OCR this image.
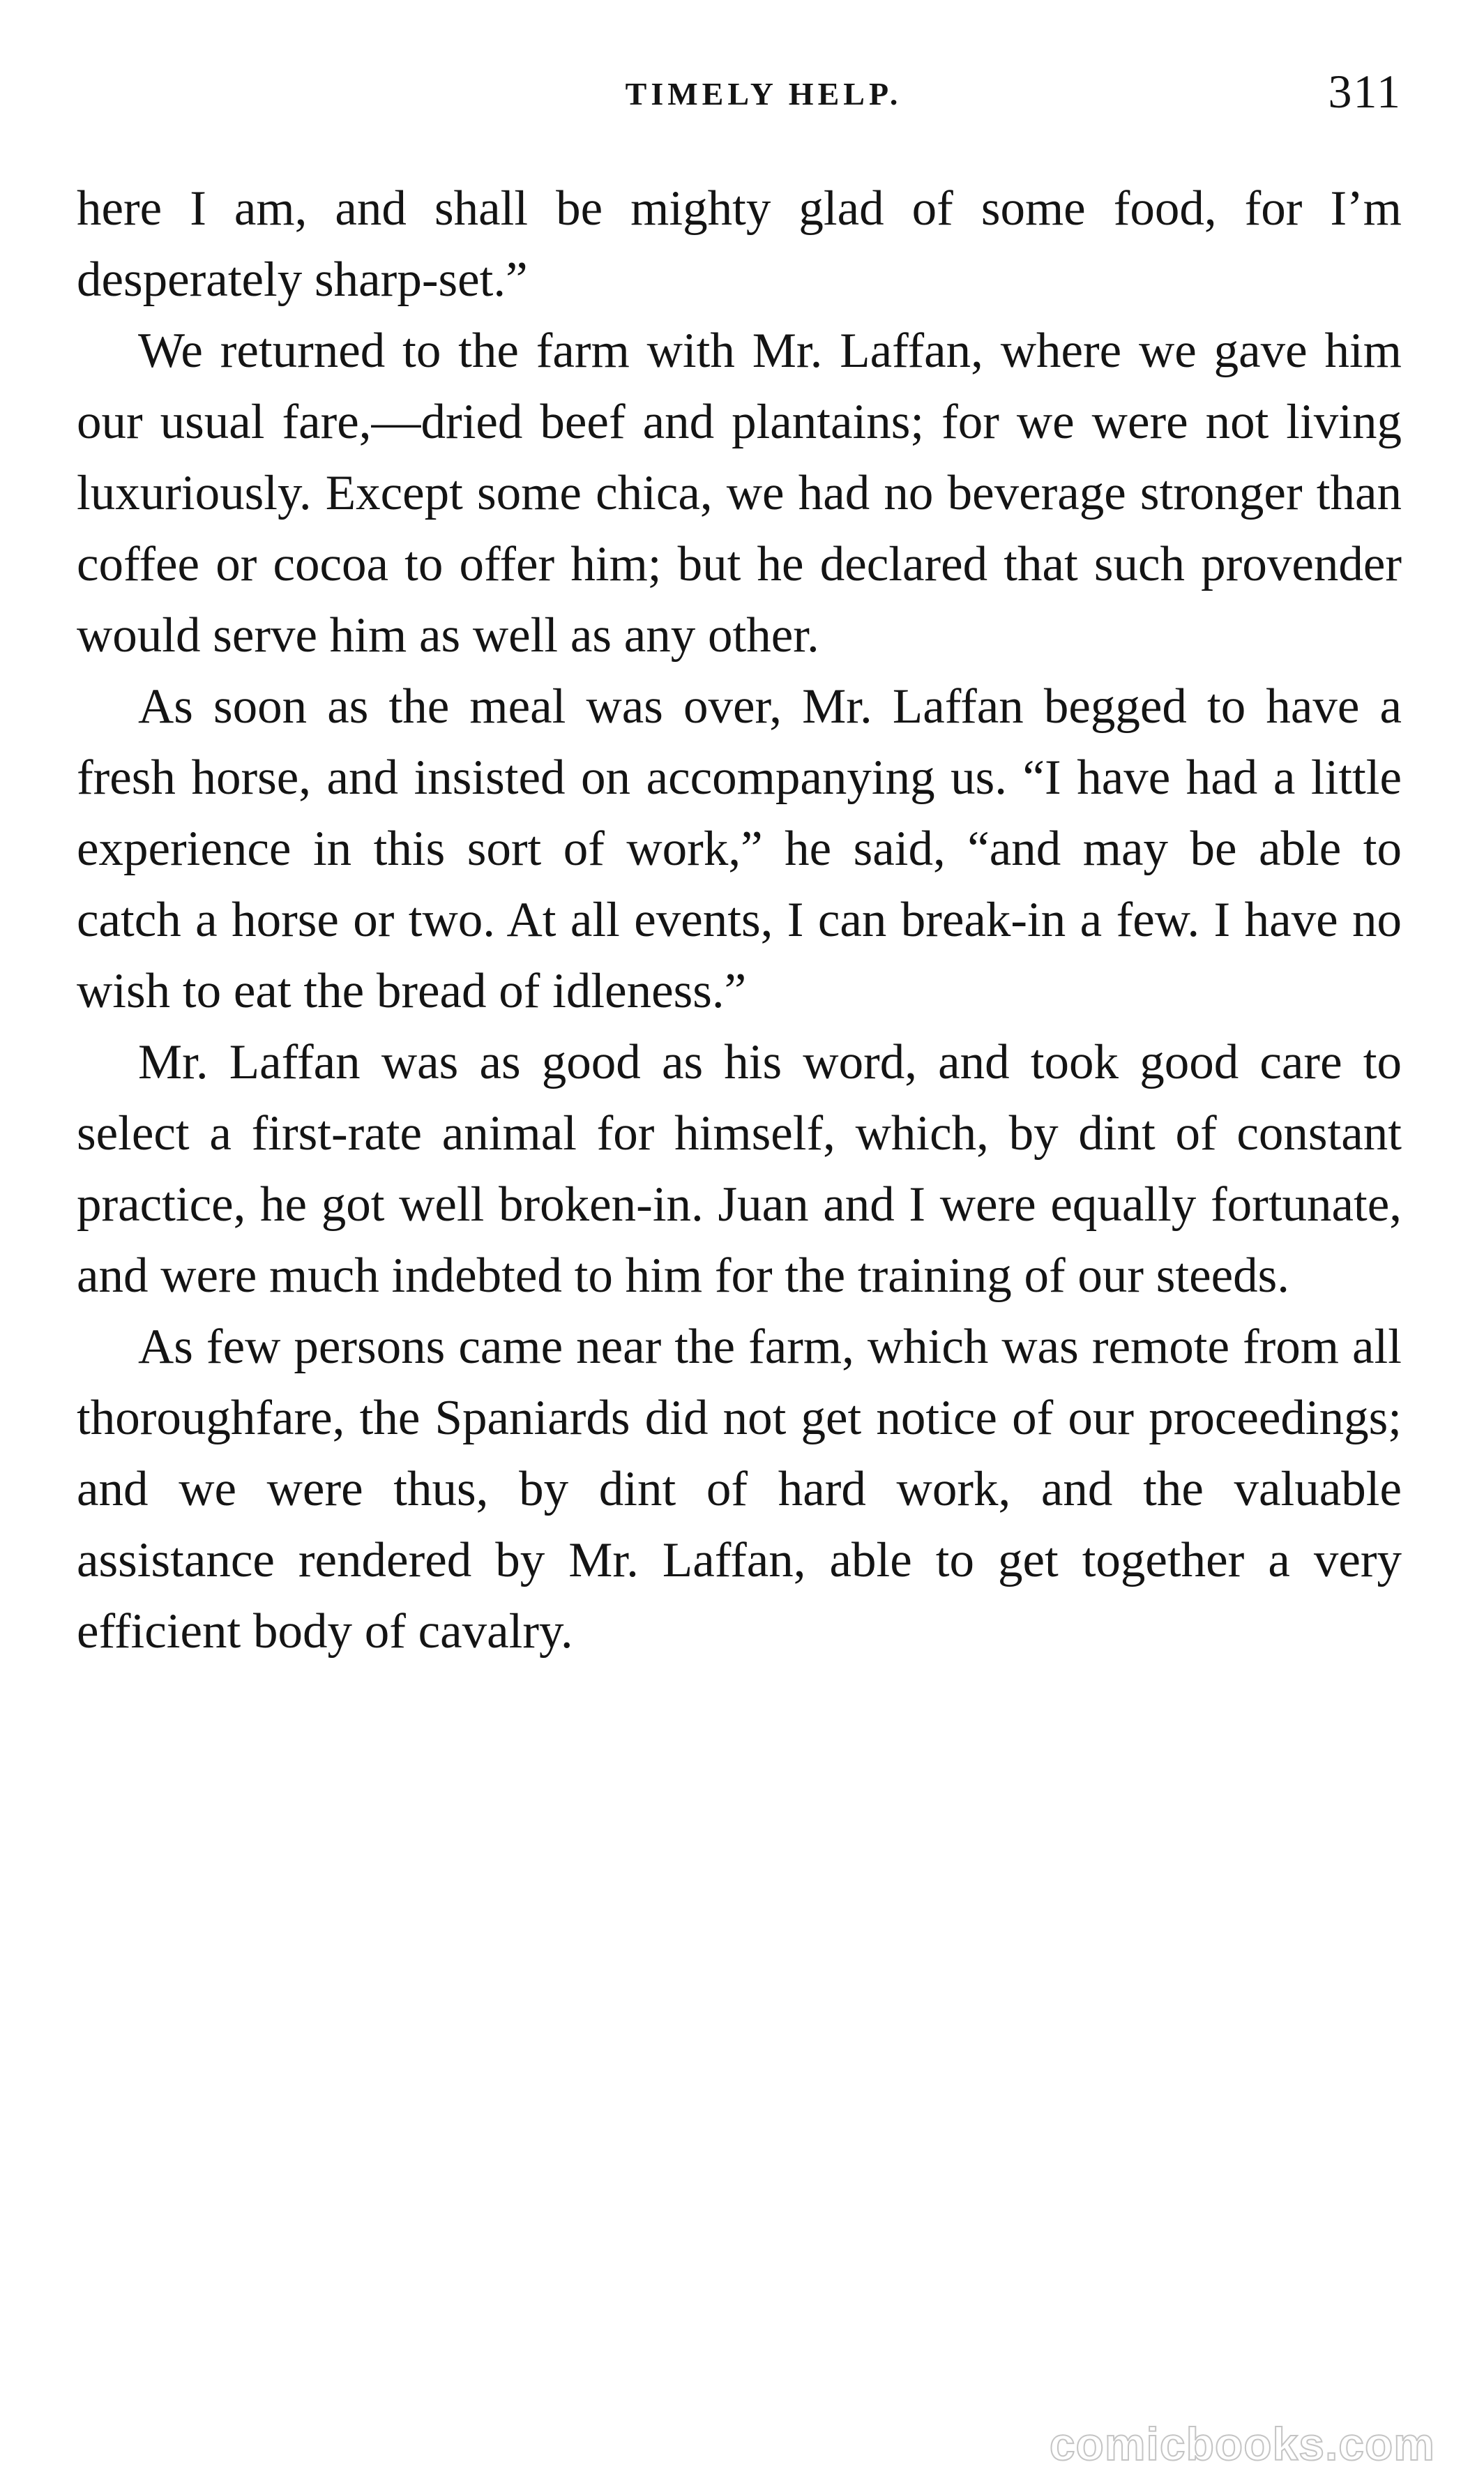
TIMELY HELP.	311

here I am, and shall be mighty glad of some food, for I’m desperately sharp-set.”

We returned to the farm with Mr. Laffan, where we gave him our usual fare,—dried beef and plantains; for we were not living luxuriously. Except some chica, we had no beverage stronger than coffee or cocoa to offer him; but he declared that such provender would serve him as well as any other.

As soon as the meal was over, Mr. Laffan begged to have a fresh horse, and insisted on accompanying us. “I have had a little experience in this sort of work,” he said, “and may be able to catch a horse or two. At all events, I can break-in a few. I have no wish to eat the bread of idleness.”

Mr. Laffan was as good as his word, and took good care to select a first-rate animal for himself, which, by dint of constant practice, he got well broken-in. Juan and I were equally fortunate, and were much indebted to him for the training of our steeds.

As few persons came near the farm, which was remote from all thoroughfare, the Spaniards did not get notice of our proceedings; and we were thus, by dint of hard work, and the valuable assistance rendered by Mr. Laffan, able to get together a very efficient body of cavalry.

comicbooks.com
